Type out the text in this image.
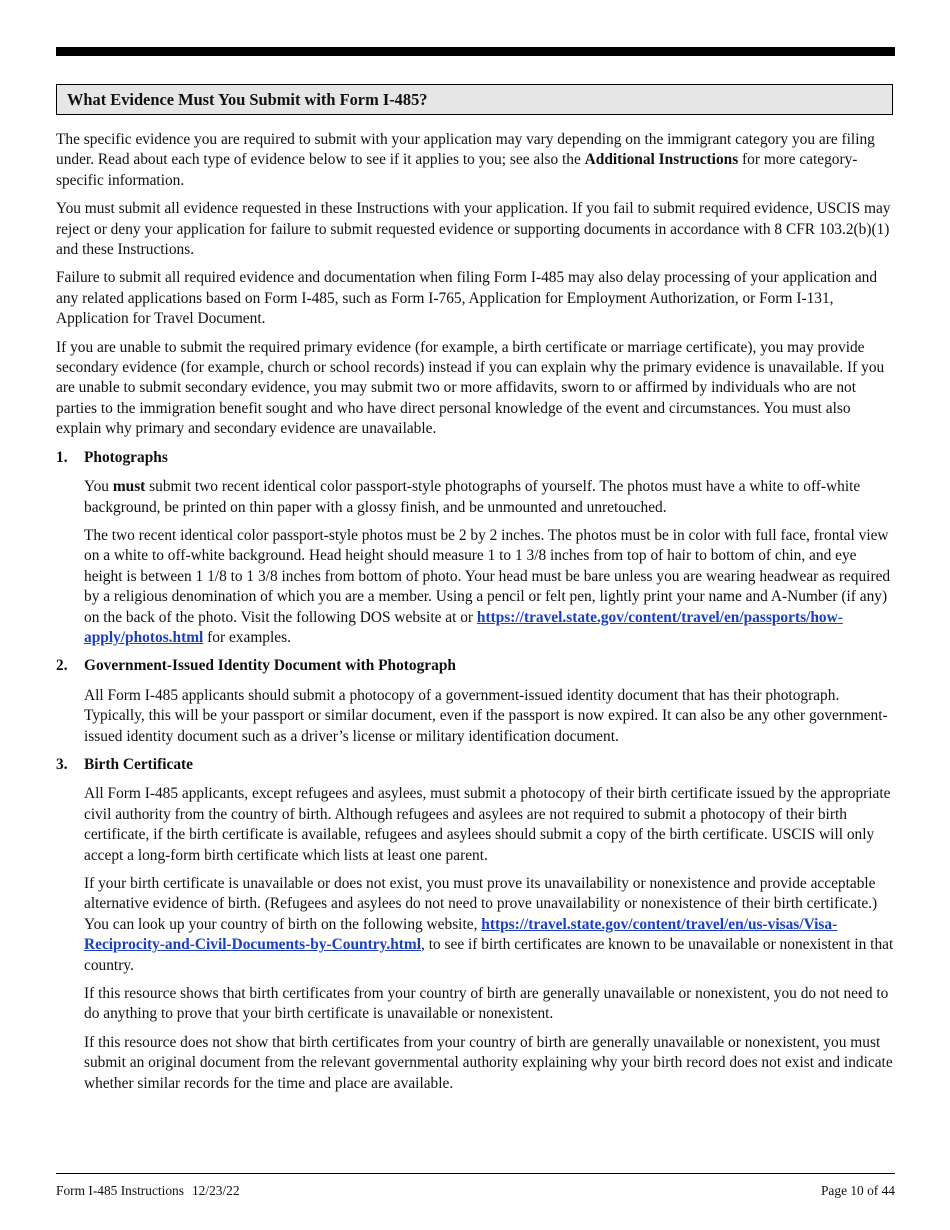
What Evidence Must You Submit with Form I-485?

The specific evidence you are required to submit with your application may vary depending on the immigrant category you are filing under. Read about each type of evidence below to see if it applies to you; see also the Additional Instructions for more category-specific information.

You must submit all evidence requested in these Instructions with your application. If you fail to submit required evidence, USCIS may reject or deny your application for failure to submit requested evidence or supporting documents in accordance with 8 CFR 103.2(b)(1) and these Instructions.

Failure to submit all required evidence and documentation when filing Form I-485 may also delay processing of your application and any related applications based on Form I-485, such as Form I-765, Application for Employment Authorization, or Form I-131, Application for Travel Document.

If you are unable to submit the required primary evidence (for example, a birth certificate or marriage certificate), you may provide secondary evidence (for example, church or school records) instead if you can explain why the primary evidence is unavailable. If you are unable to submit secondary evidence, you may submit two or more affidavits, sworn to or affirmed by individuals who are not parties to the immigration benefit sought and who have direct personal knowledge of the event and circumstances. You must also explain why primary and secondary evidence are unavailable.

1.	Photographs

You must submit two recent identical color passport-style photographs of yourself. The photos must have a white to off-white background, be printed on thin paper with a glossy finish, and be unmounted and unretouched.

The two recent identical color passport-style photos must be 2 by 2 inches. The photos must be in color with full face, frontal view on a white to off-white background. Head height should measure 1 to 1 3/8 inches from top of hair to bottom of chin, and eye height is between 1 1/8 to 1 3/8 inches from bottom of photo. Your head must be bare unless you are wearing headwear as required by a religious denomination of which you are a member. Using a pencil or felt pen, lightly print your name and A-Number (if any) on the back of the photo. Visit the following DOS website at or https://travel.state.gov/content/travel/en/passports/how-apply/photos.html for examples.

2.	Government-Issued Identity Document with Photograph

All Form I-485 applicants should submit a photocopy of a government-issued identity document that has their photograph. Typically, this will be your passport or similar document, even if the passport is now expired. It can also be any other government-issued identity document such as a driver’s license or military identification document.

3.	Birth Certificate

All Form I-485 applicants, except refugees and asylees, must submit a photocopy of their birth certificate issued by the appropriate civil authority from the country of birth. Although refugees and asylees are not required to submit a photocopy of their birth certificate, if the birth certificate is available, refugees and asylees should submit a copy of the birth certificate. USCIS will only accept a long-form birth certificate which lists at least one parent.

If your birth certificate is unavailable or does not exist, you must prove its unavailability or nonexistence and provide acceptable alternative evidence of birth. (Refugees and asylees do not need to prove unavailability or nonexistence of their birth certificate.) You can look up your country of birth on the following website, https://travel.state.gov/content/travel/en/us-visas/Visa-Reciprocity-and-Civil-Documents-by-Country.html, to see if birth certificates are known to be unavailable or nonexistent in that country.

If this resource shows that birth certificates from your country of birth are generally unavailable or nonexistent, you do not need to do anything to prove that your birth certificate is unavailable or nonexistent.

If this resource does not show that birth certificates from your country of birth are generally unavailable or nonexistent, you must submit an original document from the relevant governmental authority explaining why your birth record does not exist and indicate whether similar records for the time and place are available.

Form I-485 Instructions 12/23/22	Page 10 of 44
